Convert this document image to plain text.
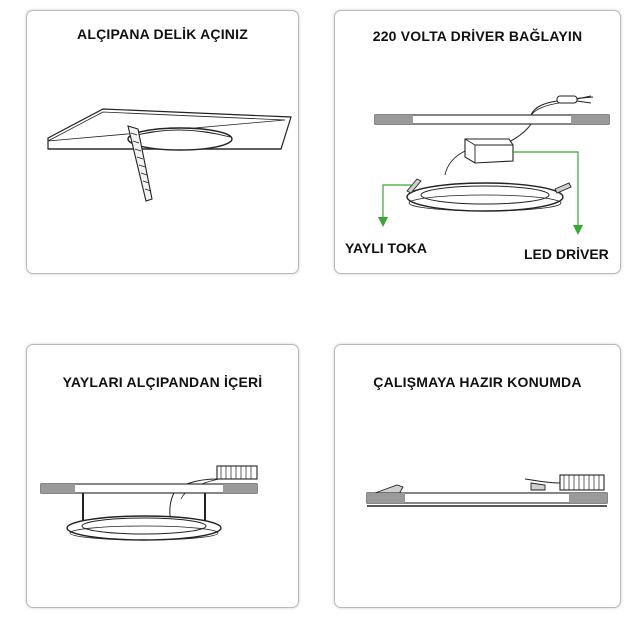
ALÇIPANA DELİK AÇINIZ	220 VOLTA DRİVER BAĞLAYIN
YAYLI TOKA	LED DRİVER
YAYLARI ALÇIPANDAN İÇERİ	ÇALIŞMAYA HAZIR KONUMDA
